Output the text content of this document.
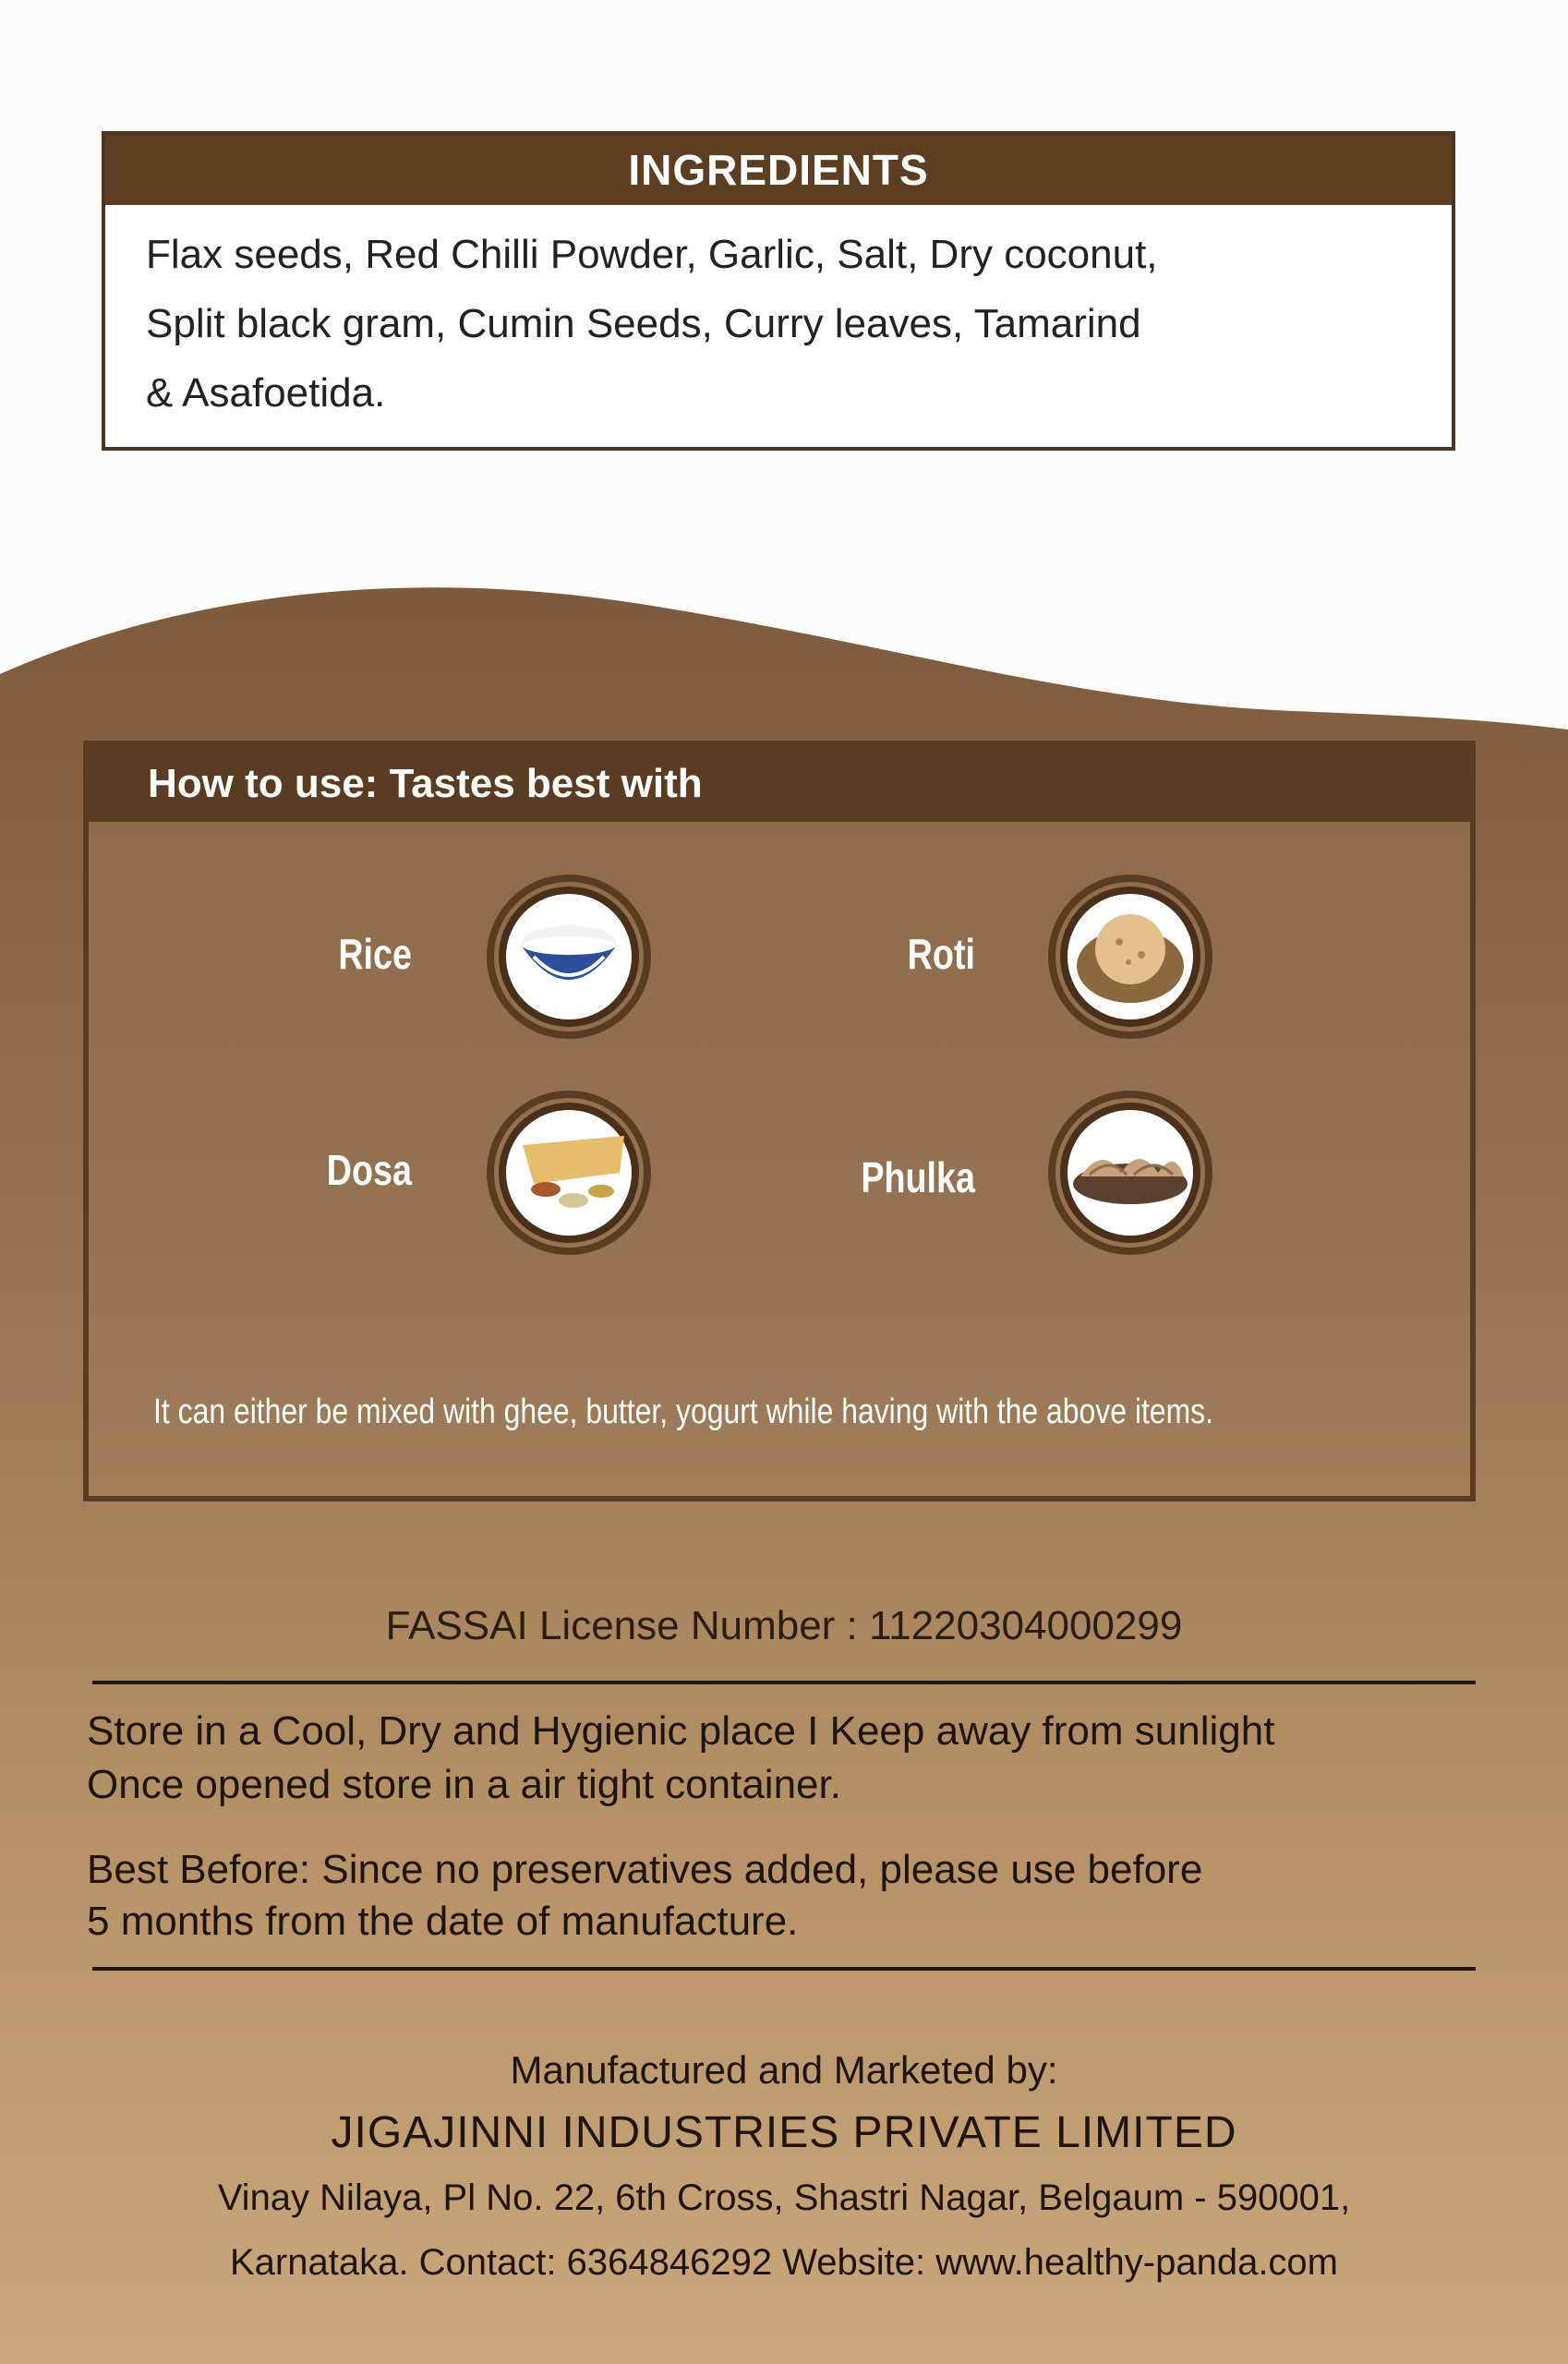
INGREDIENTS
Flax seeds, Red Chilli Powder, Garlic, Salt, Dry coconut,
Split black gram, Cumin Seeds, Curry leaves, Tamarind
& Asafoetida.
How to use: Tastes best with
Rice	Roti
Dosa	Phulka
It can either be mixed with ghee, butter, yogurt while having with the above items.
FASSAI License Number : 11220304000299
Store in a Cool, Dry and Hygienic place I Keep away from sunlight
Once opened store in a air tight container.
Best Before: Since no preservatives added, please use before
5 months from the date of manufacture.
Manufactured and Marketed by:
JIGAJINNI INDUSTRIES PRIVATE LIMITED
Vinay Nilaya, Pl No. 22, 6th Cross, Shastri Nagar, Belgaum - 590001,
Karnataka. Contact: 6364846292 Website: www.healthy-panda.com
